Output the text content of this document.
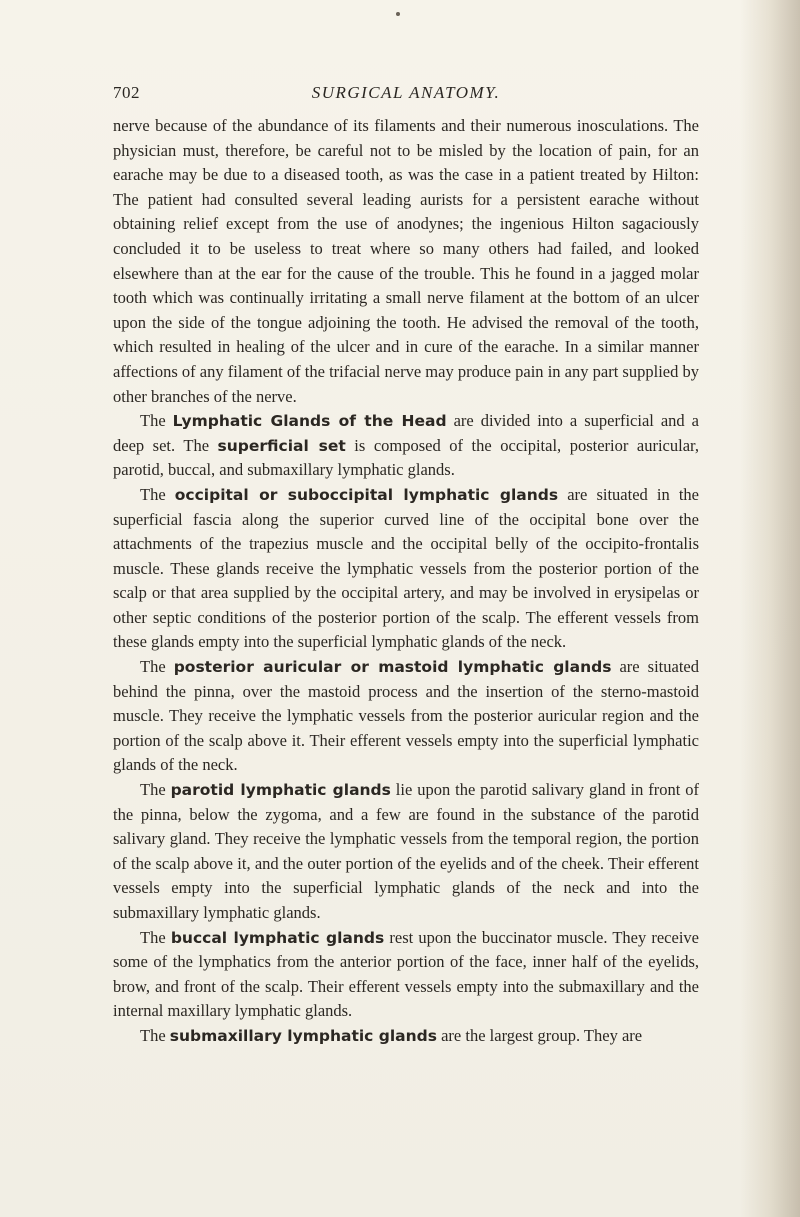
702	SURGICAL ANATOMY.

nerve because of the abundance of its filaments and their numerous inosculations. The physician must, therefore, be careful not to be misled by the location of pain, for an earache may be due to a diseased tooth, as was the case in a patient treated by Hilton: The patient had consulted several leading aurists for a persistent earache without obtaining relief except from the use of anodynes; the ingenious Hilton sagaciously concluded it to be useless to treat where so many others had failed, and looked elsewhere than at the ear for the cause of the trouble. This he found in a jagged molar tooth which was continually irritating a small nerve filament at the bottom of an ulcer upon the side of the tongue adjoining the tooth. He advised the removal of the tooth, which resulted in healing of the ulcer and in cure of the earache. In a similar manner affections of any filament of the trifacial nerve may produce pain in any part supplied by other branches of the nerve.

The Lymphatic Glands of the Head are divided into a superficial and a deep set. The superficial set is composed of the occipital, posterior auricular, parotid, buccal, and submaxillary lymphatic glands.

The occipital or suboccipital lymphatic glands are situated in the superficial fascia along the superior curved line of the occipital bone over the attachments of the trapezius muscle and the occipital belly of the occipito-frontalis muscle. These glands receive the lymphatic vessels from the posterior portion of the scalp or that area supplied by the occipital artery, and may be involved in erysipelas or other septic conditions of the posterior portion of the scalp. The efferent vessels from these glands empty into the superficial lymphatic glands of the neck.

The posterior auricular or mastoid lymphatic glands are situated behind the pinna, over the mastoid process and the insertion of the sterno-mastoid muscle. They receive the lymphatic vessels from the posterior auricular region and the portion of the scalp above it. Their efferent vessels empty into the superficial lymphatic glands of the neck.

The parotid lymphatic glands lie upon the parotid salivary gland in front of the pinna, below the zygoma, and a few are found in the substance of the parotid salivary gland. They receive the lymphatic vessels from the temporal region, the portion of the scalp above it, and the outer portion of the eyelids and of the cheek. Their efferent vessels empty into the superficial lymphatic glands of the neck and into the submaxillary lymphatic glands.

The buccal lymphatic glands rest upon the buccinator muscle. They receive some of the lymphatics from the anterior portion of the face, inner half of the eyelids, brow, and front of the scalp. Their efferent vessels empty into the submaxillary and the internal maxillary lymphatic glands.

The submaxillary lymphatic glands are the largest group. They are
